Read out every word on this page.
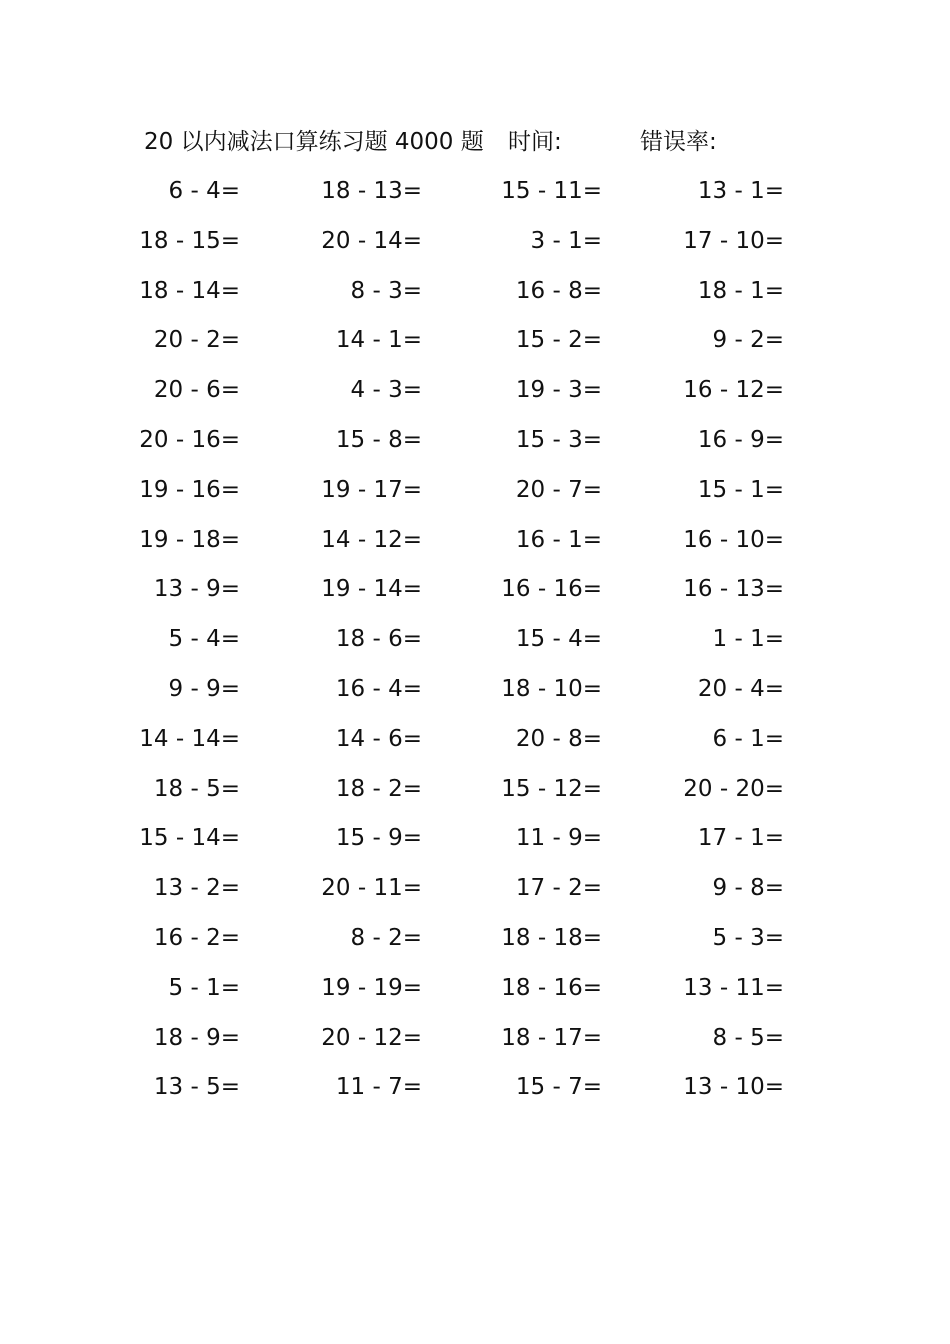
20 以内减法口算练习题 4000 题 时间:	错误率:
6 - 4=	18 - 13=	15 - 11=	13 - 1=
18 - 15=	20 - 14=	3 - 1=	17 - 10=
18 - 14=	8 - 3=	16 - 8=	18 - 1=
20 - 2=	14 - 1=	15 - 2=	9 - 2=
20 - 6=	4 - 3=	19 - 3=	16 - 12=
20 - 16=	15 - 8=	15 - 3=	16 - 9=
19 - 16=	19 - 17=	20 - 7=	15 - 1=
19 - 18=	14 - 12=	16 - 1=	16 - 10=
13 - 9=	19 - 14=	16 - 16=	16 - 13=
5 - 4=	18 - 6=	15 - 4=	1 - 1=
9 - 9=	16 - 4=	18 - 10=	20 - 4=
14 - 14=	14 - 6=	20 - 8=	6 - 1=
18 - 5=	18 - 2=	15 - 12=	20 - 20=
15 - 14=	15 - 9=	11 - 9=	17 - 1=
13 - 2=	20 - 11=	17 - 2=	9 - 8=
16 - 2=	8 - 2=	18 - 18=	5 - 3=
5 - 1=	19 - 19=	18 - 16=	13 - 11=
18 - 9=	20 - 12=	18 - 17=	8 - 5=
13 - 5=	11 - 7=	15 - 7=	13 - 10=
